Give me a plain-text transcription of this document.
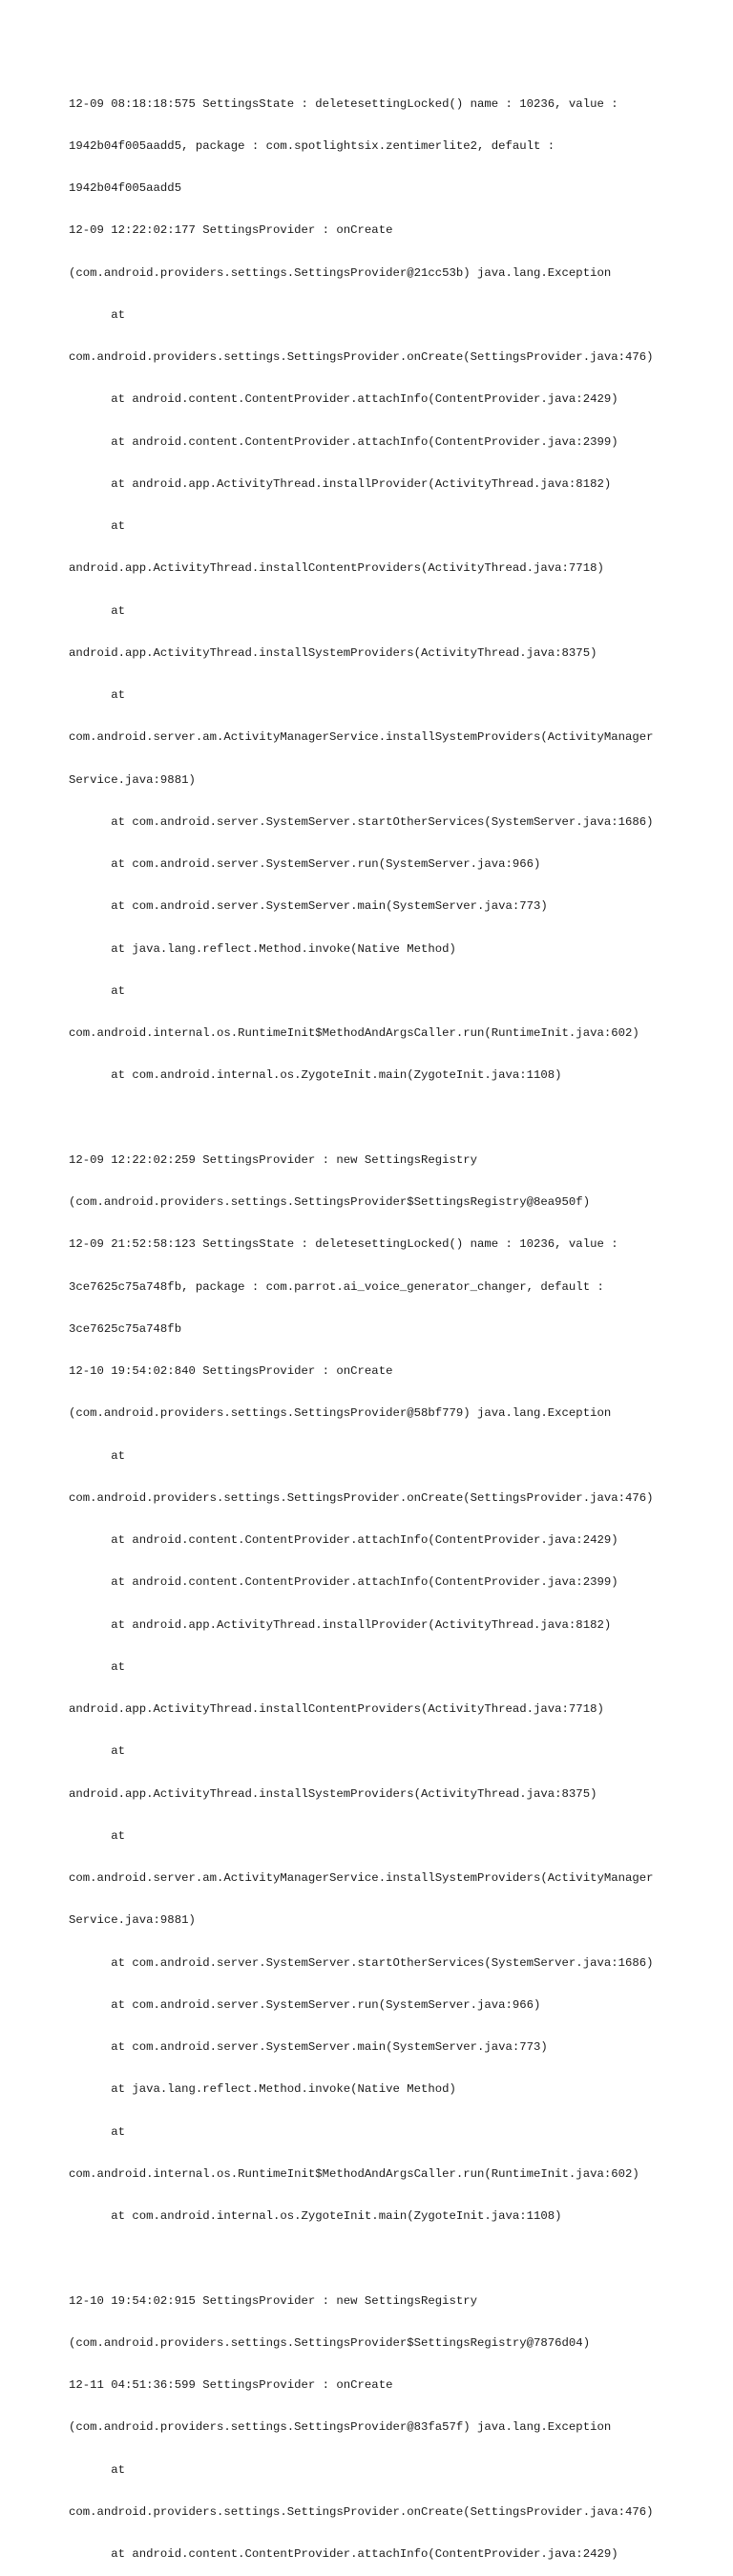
12-09 08:18:18:575 SettingsState : deletesettingLocked() name : 10236, value :

1942b04f005aadd5, package : com.spotlightsix.zentimerlite2, default :

1942b04f005aadd5

12-09 12:22:02:177 SettingsProvider : onCreate

(com.android.providers.settings.SettingsProvider@21cc53b) java.lang.Exception

at

com.android.providers.settings.SettingsProvider.onCreate(SettingsProvider.java:476)

at android.content.ContentProvider.attachInfo(ContentProvider.java:2429)

at android.content.ContentProvider.attachInfo(ContentProvider.java:2399)

at android.app.ActivityThread.installProvider(ActivityThread.java:8182)

at

android.app.ActivityThread.installContentProviders(ActivityThread.java:7718)

at

android.app.ActivityThread.installSystemProviders(ActivityThread.java:8375)

at

com.android.server.am.ActivityManagerService.installSystemProviders(ActivityManager

Service.java:9881)

at com.android.server.SystemServer.startOtherServices(SystemServer.java:1686)

at com.android.server.SystemServer.run(SystemServer.java:966)

at com.android.server.SystemServer.main(SystemServer.java:773)

at java.lang.reflect.Method.invoke(Native Method)

at

com.android.internal.os.RuntimeInit$MethodAndArgsCaller.run(RuntimeInit.java:602)

at com.android.internal.os.ZygoteInit.main(ZygoteInit.java:1108)

12-09 12:22:02:259 SettingsProvider : new SettingsRegistry

(com.android.providers.settings.SettingsProvider$SettingsRegistry@8ea950f)

12-09 21:52:58:123 SettingsState : deletesettingLocked() name : 10236, value :

3ce7625c75a748fb, package : com.parrot.ai_voice_generator_changer, default :

3ce7625c75a748fb

12-10 19:54:02:840 SettingsProvider : onCreate

(com.android.providers.settings.SettingsProvider@58bf779) java.lang.Exception

at

com.android.providers.settings.SettingsProvider.onCreate(SettingsProvider.java:476)

at android.content.ContentProvider.attachInfo(ContentProvider.java:2429)

at android.content.ContentProvider.attachInfo(ContentProvider.java:2399)

at android.app.ActivityThread.installProvider(ActivityThread.java:8182)

at

android.app.ActivityThread.installContentProviders(ActivityThread.java:7718)

at

android.app.ActivityThread.installSystemProviders(ActivityThread.java:8375)

at

com.android.server.am.ActivityManagerService.installSystemProviders(ActivityManager

Service.java:9881)

at com.android.server.SystemServer.startOtherServices(SystemServer.java:1686)

at com.android.server.SystemServer.run(SystemServer.java:966)

at com.android.server.SystemServer.main(SystemServer.java:773)

at java.lang.reflect.Method.invoke(Native Method)

at

com.android.internal.os.RuntimeInit$MethodAndArgsCaller.run(RuntimeInit.java:602)

at com.android.internal.os.ZygoteInit.main(ZygoteInit.java:1108)

12-10 19:54:02:915 SettingsProvider : new SettingsRegistry

(com.android.providers.settings.SettingsProvider$SettingsRegistry@7876d04)

12-11 04:51:36:599 SettingsProvider : onCreate

(com.android.providers.settings.SettingsProvider@83fa57f) java.lang.Exception

at

com.android.providers.settings.SettingsProvider.onCreate(SettingsProvider.java:476)

at android.content.ContentProvider.attachInfo(ContentProvider.java:2429)
